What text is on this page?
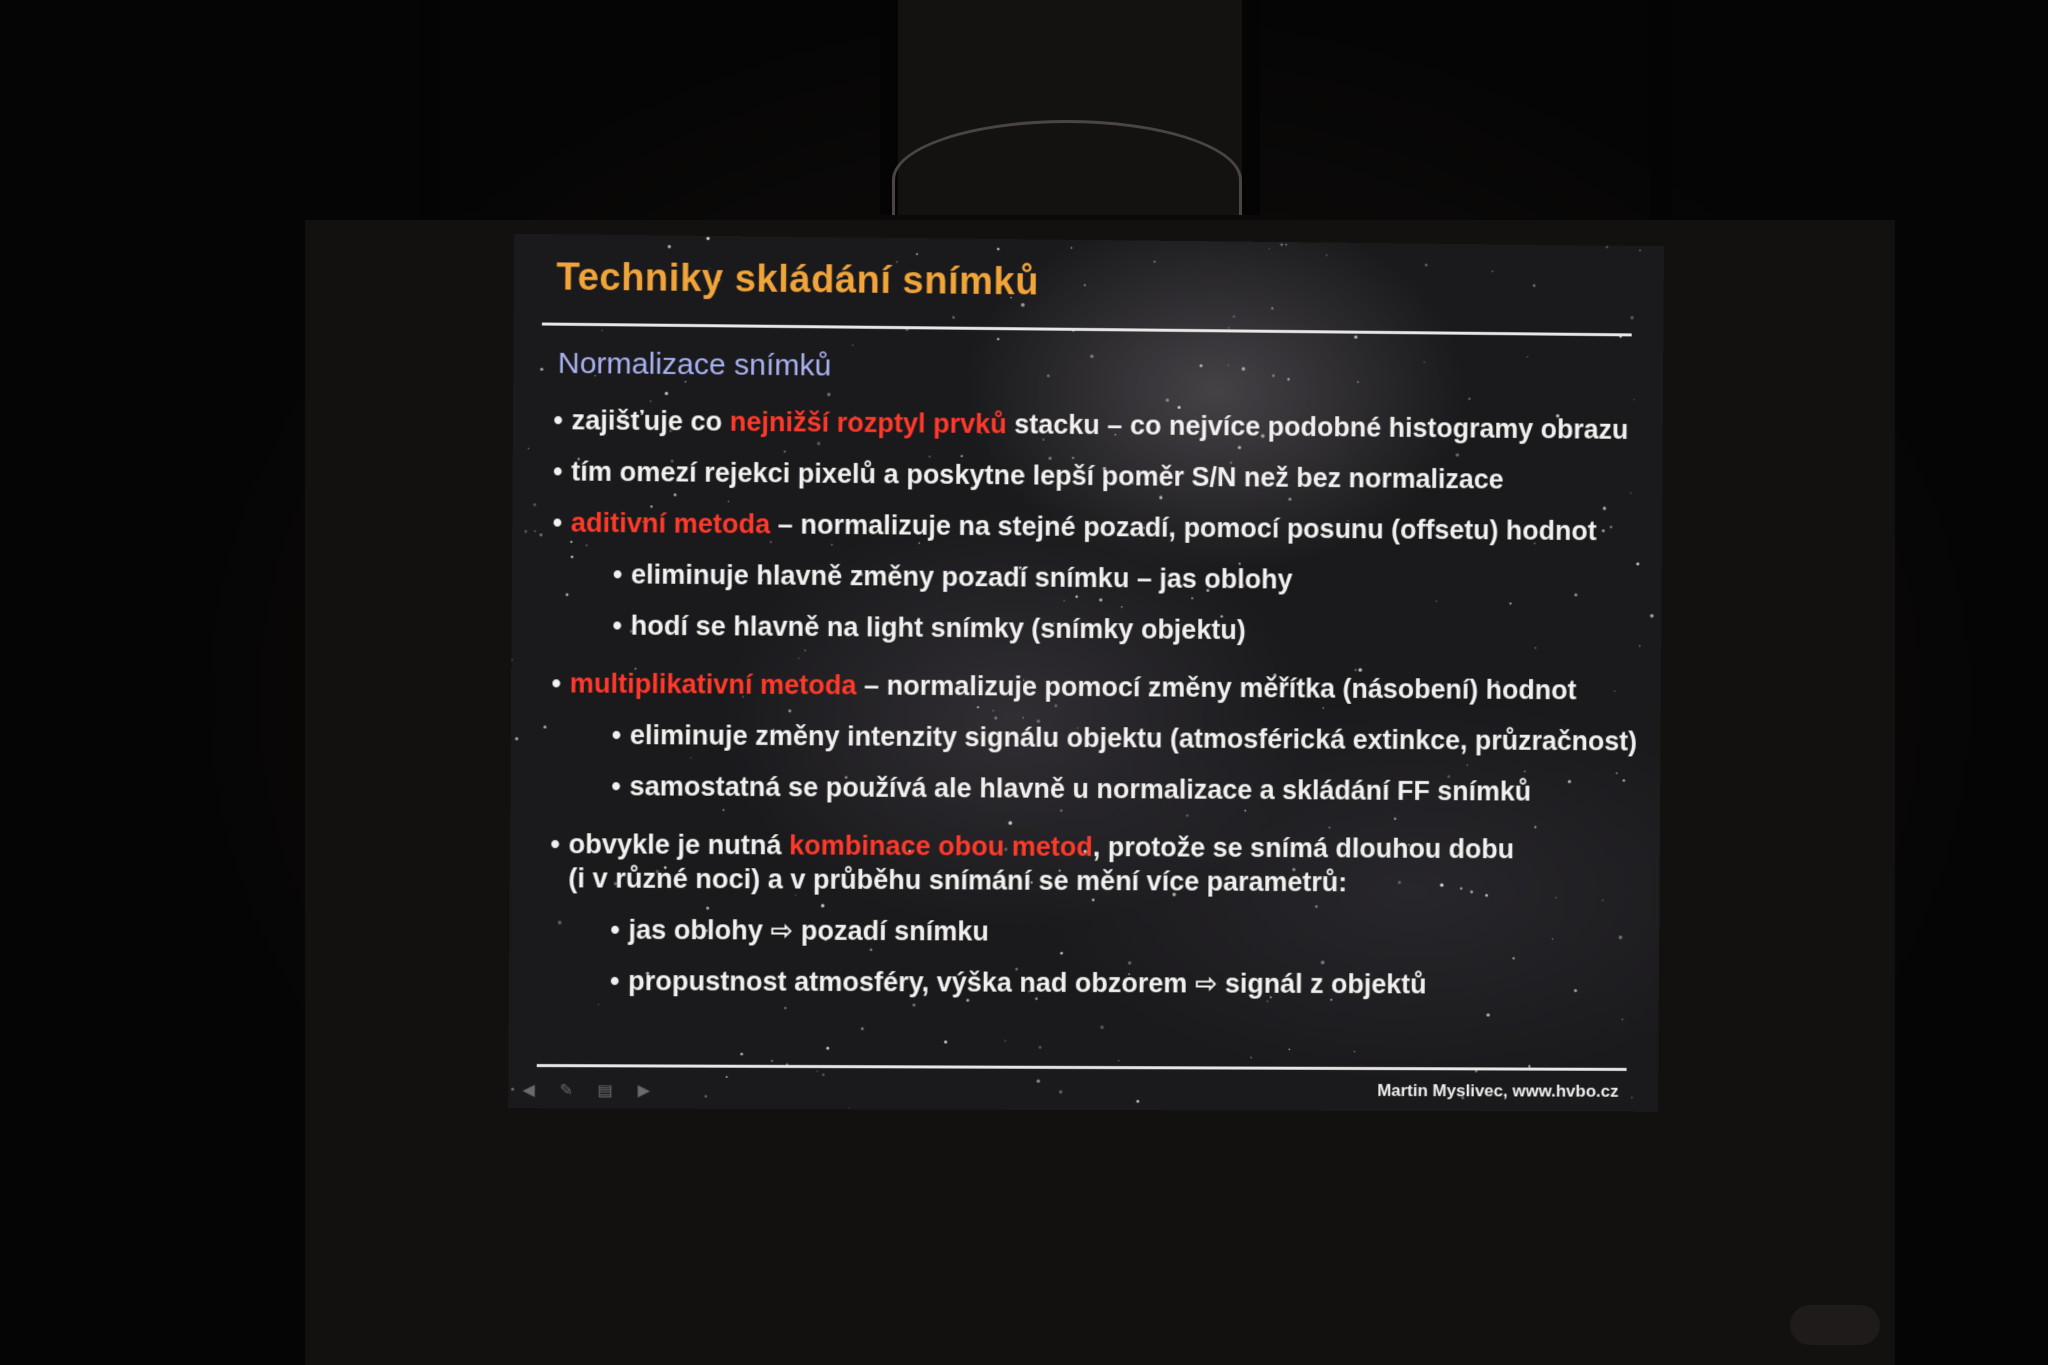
Techniky skládání snímků
Normalizace snímků
• zajišťuje co nejnižší rozptyl prvků stacku – co nejvíce podobné histogramy obrazu
• tím omezí rejekci pixelů a poskytne lepší poměr S/N než bez normalizace
• aditivní metoda – normalizuje na stejné pozadí, pomocí posunu (offsetu) hodnot
• eliminuje hlavně změny pozadí snímku – jas oblohy
• hodí se hlavně na light snímky (snímky objektu)
• multiplikativní metoda – normalizuje pomocí změny měřítka (násobení) hodnot
• eliminuje změny intenzity signálu objektu (atmosférická extinkce, průzračnost)
• samostatná se používá ale hlavně u normalizace a skládání FF snímků
• obvykle je nutná kombinace obou metod, protože se snímá dlouhou dobu
(i v různé noci) a v průběhu snímání se mění více parametrů:
• jas oblohy ⇨ pozadí snímku
• propustnost atmosféry, výška nad obzorem ⇨ signál z objektů
◀ ✎ ▤ ▶	Martin Myslivec, www.hvbo.cz
